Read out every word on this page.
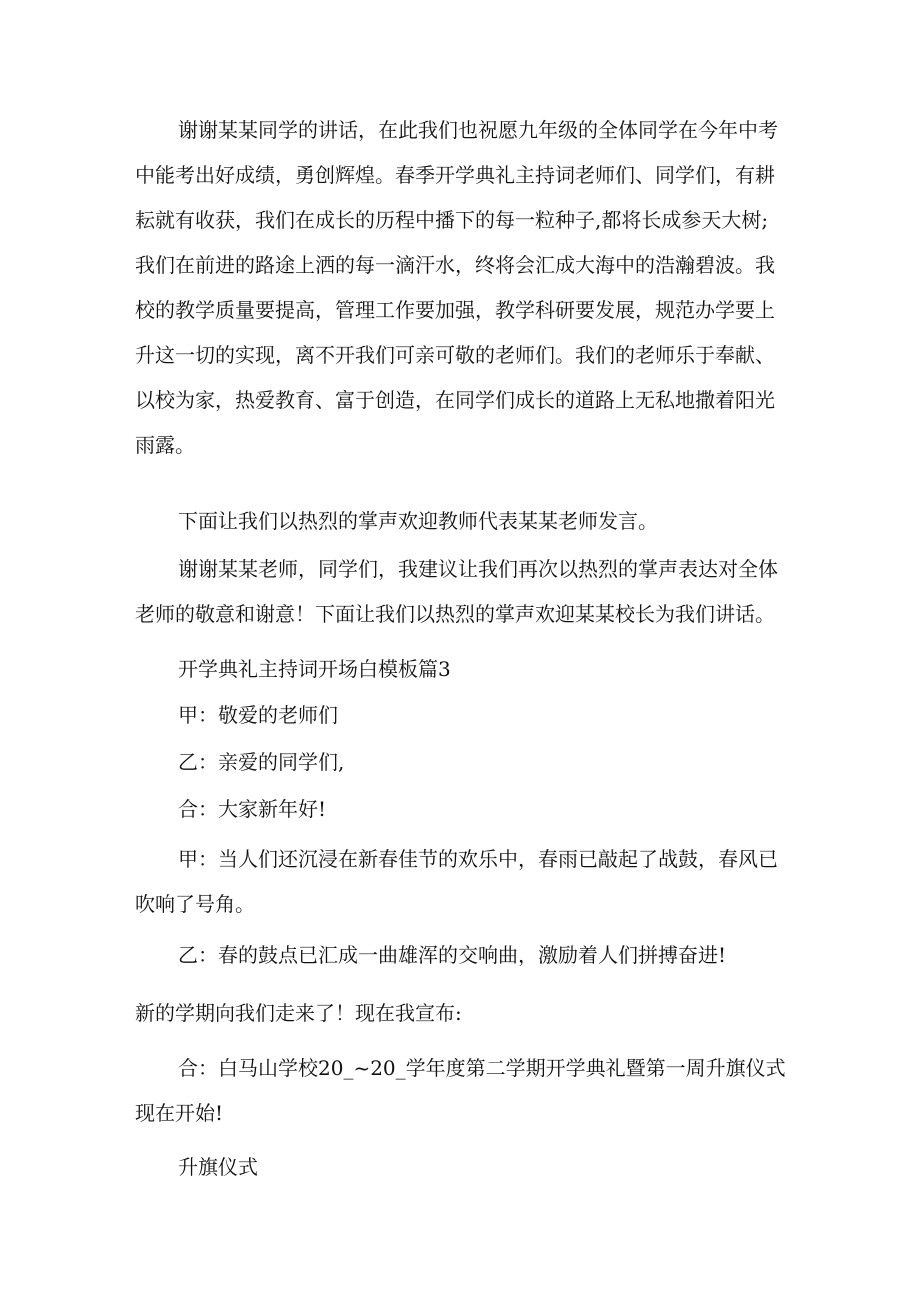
谢谢某某同学的讲话，在此我们也祝愿九年级的全体同学在今年中考
中能考出好成绩，勇创辉煌。春季开学典礼主持词老师们、同学们，有耕
耘就有收获，我们在成长的历程中播下的每一粒种子,都将长成参天大树;
我们在前进的路途上洒的每一滴汗水，终将会汇成大海中的浩瀚碧波。我
校的教学质量要提高，管理工作要加强，教学科研要发展，规范办学要上
升这一切的实现，离不开我们可亲可敬的老师们。我们的老师乐于奉献、
以校为家，热爱教育、富于创造，在同学们成长的道路上无私地撒着阳光
雨露。
下面让我们以热烈的掌声欢迎教师代表某某老师发言。
谢谢某某老师，同学们，我建议让我们再次以热烈的掌声表达对全体
老师的敬意和谢意！下面让我们以热烈的掌声欢迎某某校长为我们讲话。
开学典礼主持词开场白模板篇3
甲：敬爱的老师们
乙：亲爱的同学们,
合：大家新年好!
甲：当人们还沉浸在新春佳节的欢乐中，春雨已敲起了战鼓，春风已
吹响了号角。
乙：春的鼓点已汇成一曲雄浑的交响曲，激励着人们拼搏奋进!
新的学期向我们走来了！现在我宣布:
合：白马山学校20_~20_学年度第二学期开学典礼暨第一周升旗仪式
现在开始!
升旗仪式
